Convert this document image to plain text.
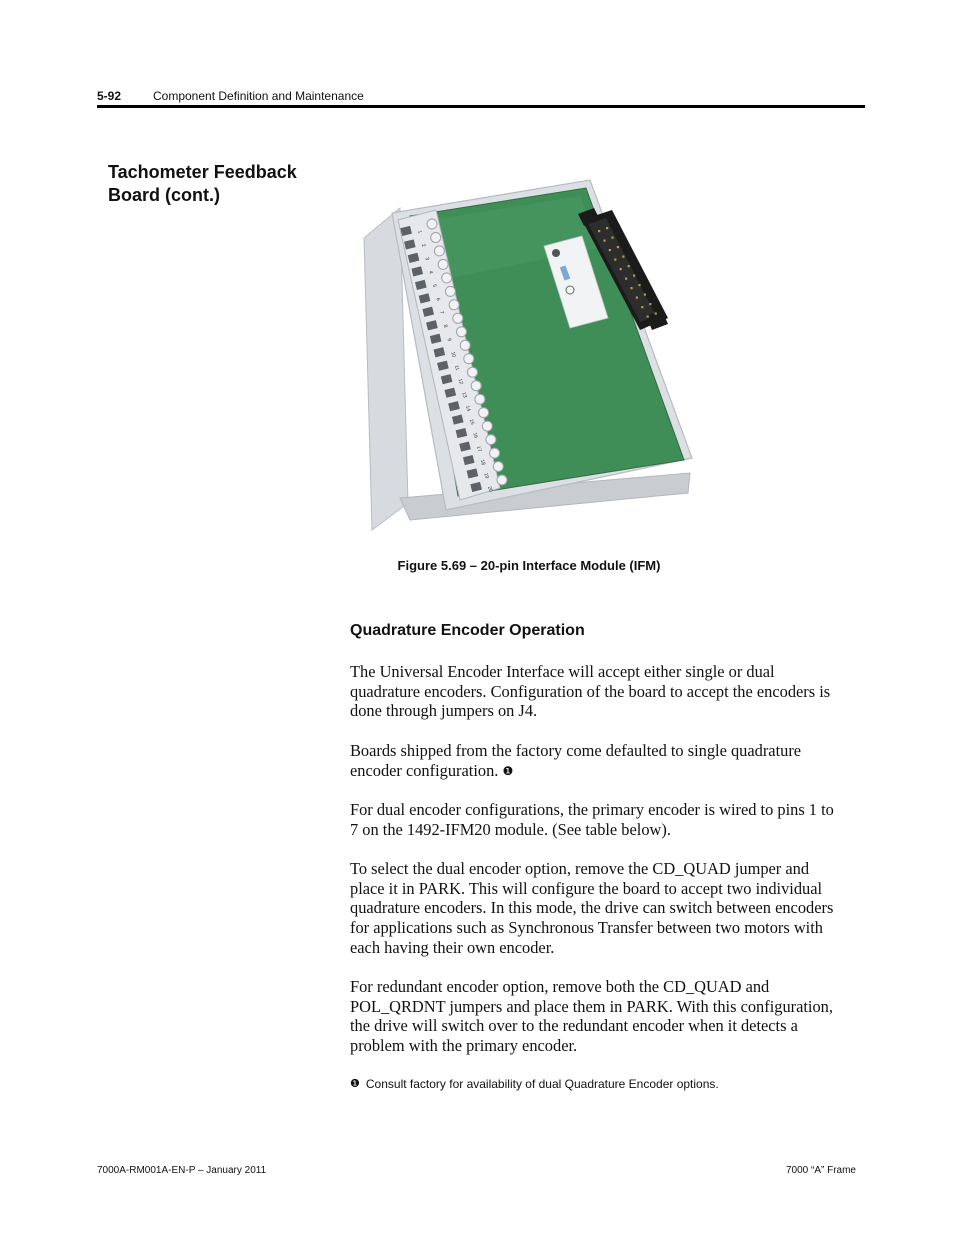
5-92	Component Definition and Maintenance
Tachometer Feedback
Board (cont.)
1
2
3
4
5
6
7
8
9
10
11
12
13
14
15
16
17
18
19
20
Figure 5.69 – 20-pin Interface Module (IFM)
Quadrature Encoder Operation
The Universal Encoder Interface will accept either single or dual
quadrature encoders. Configuration of the board to accept the encoders is
done through jumpers on J4.
Boards shipped from the factory come defaulted to single quadrature
encoder configuration. ❶
For dual encoder configurations, the primary encoder is wired to pins 1 to
7 on the 1492-IFM20 module. (See table below).
To select the dual encoder option, remove the CD_QUAD jumper and
place it in PARK. This will configure the board to accept two individual
quadrature encoders. In this mode, the drive can switch between encoders
for applications such as Synchronous Transfer between two motors with
each having their own encoder.
For redundant encoder option, remove both the CD_QUAD and
POL_QRDNT jumpers and place them in PARK. With this configuration,
the drive will switch over to the redundant encoder when it detects a
problem with the primary encoder.
❶ Consult factory for availability of dual Quadrature Encoder options.
7000A-RM001A-EN-P – January 2011	7000 “A” Frame
